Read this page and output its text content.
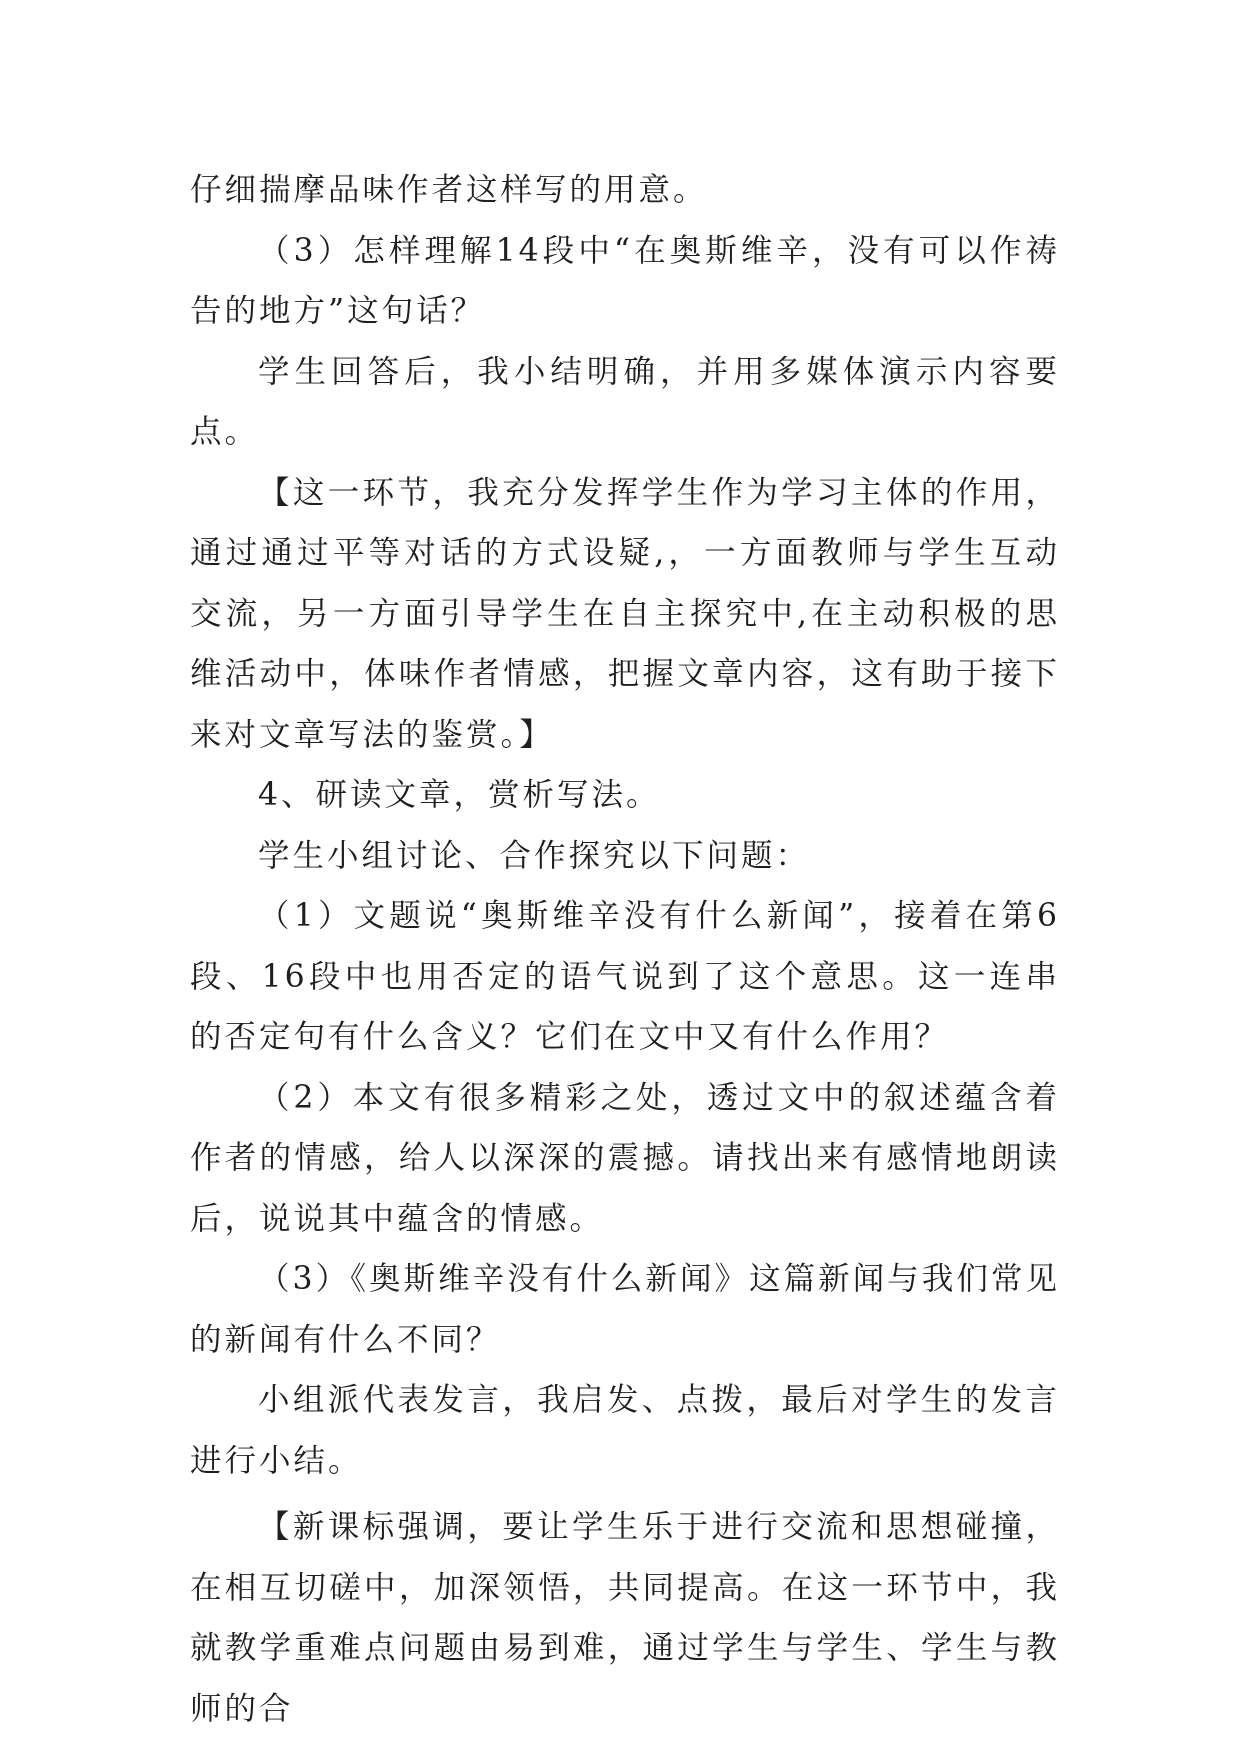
仔细揣摩品味作者这样写的用意。

（3）怎样理解14段中“在奥斯维辛，没有可以作祷告的地方”这句话？

学生回答后，我小结明确，并用多媒体演示内容要点。

【这一环节，我充分发挥学生作为学习主体的作用，通过通过平等对话的方式设疑,，一方面教师与学生互动交流，另一方面引导学生在自主探究中,在主动积极的思维活动中，体味作者情感，把握文章内容，这有助于接下来对文章写法的鉴赏。】

4、研读文章，赏析写法。

学生小组讨论、合作探究以下问题：

（1）文题说“奥斯维辛没有什么新闻”，接着在第6段、16段中也用否定的语气说到了这个意思。这一连串的否定句有什么含义？它们在文中又有什么作用？

（2）本文有很多精彩之处，透过文中的叙述蕴含着作者的情感，给人以深深的震撼。请找出来有感情地朗读后，说说其中蕴含的情感。

（3）《奥斯维辛没有什么新闻》这篇新闻与我们常见的新闻有什么不同？

小组派代表发言，我启发、点拨，最后对学生的发言进行小结。

【新课标强调，要让学生乐于进行交流和思想碰撞，在相互切磋中，加深领悟，共同提高。在这一环节中，我就教学重难点问题由易到难，通过学生与学生、学生与教师的合
